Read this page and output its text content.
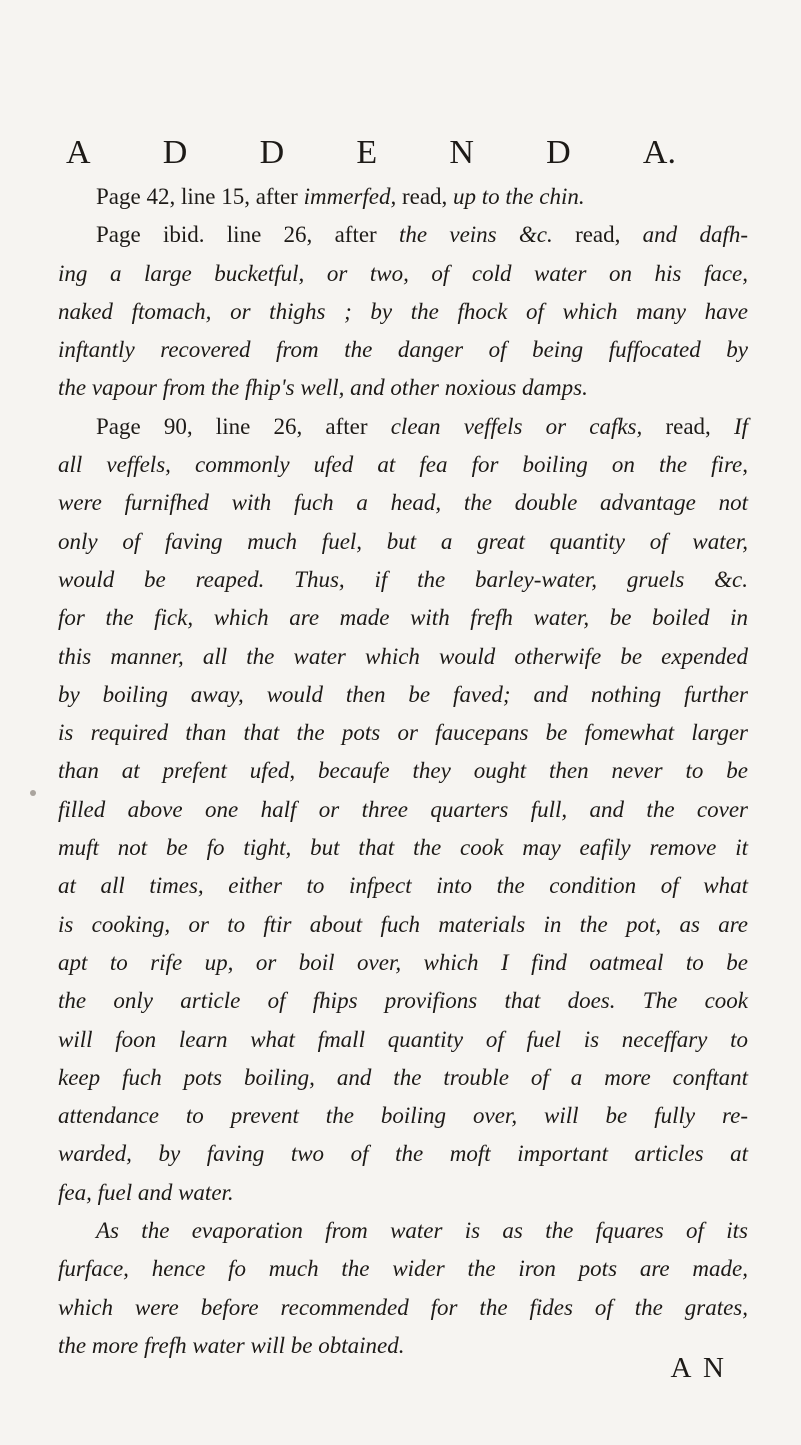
A D D E N D A.
Page 42, line 15, after immerfed, read, up to the chin.
Page ibid. line 26, after the veins &c. read, and dafh-
ing a large bucketful, or two, of cold water on his face,
naked ftomach, or thighs ; by the fhock of which many have
inftantly recovered from the danger of being fuffocated by
the vapour from the fhip's well, and other noxious damps.
Page 90, line 26, after clean veffels or cafks, read, If
all veffels, commonly ufed at fea for boiling on the fire,
were furnifhed with fuch a head, the double advantage not
only of faving much fuel, but a great quantity of water,
would be reaped. Thus, if the barley-water, gruels &c.
for the fick, which are made with frefh water, be boiled in
this manner, all the water which would otherwife be expended
by boiling away, would then be faved; and nothing further
is required than that the pots or faucepans be fomewhat larger
than at prefent ufed, becaufe they ought then never to be
filled above one half or three quarters full, and the cover
muft not be fo tight, but that the cook may eafily remove it
at all times, either to infpect into the condition of what
is cooking, or to ftir about fuch materials in the pot, as are
apt to rife up, or boil over, which I find oatmeal to be
the only article of fhips provifions that does. The cook
will foon learn what fmall quantity of fuel is neceffary to
keep fuch pots boiling, and the trouble of a more conftant
attendance to prevent the boiling over, will be fully re-
warded, by faving two of the moft important articles at
fea, fuel and water.
As the evaporation from water is as the fquares of its
furface, hence fo much the wider the iron pots are made,
which were before recommended for the fides of the grates,
the more frefh water will be obtained.
A N
